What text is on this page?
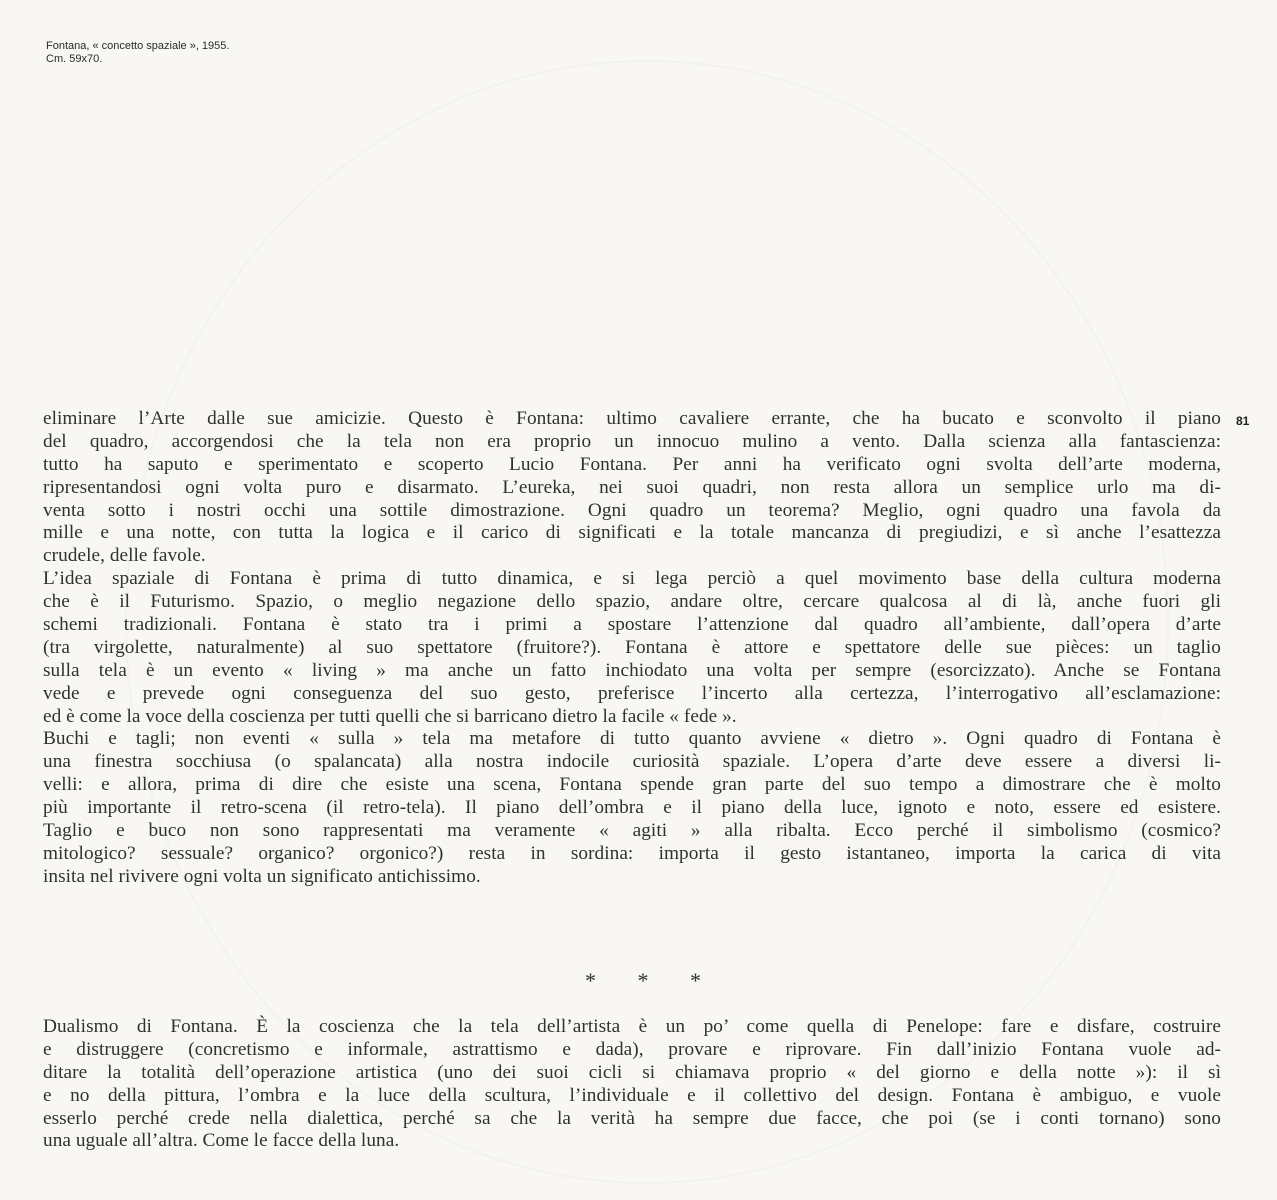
Fontana, « concetto spaziale », 1955.
Cm. 59x70.
81
eliminare l’Arte dalle sue amicizie. Questo è Fontana: ultimo cavaliere errante, che ha bucato e sconvolto il piano
del quadro, accorgendosi che la tela non era proprio un innocuo mulino a vento. Dalla scienza alla fantascienza:
tutto ha saputo e sperimentato e scoperto Lucio Fontana. Per anni ha verificato ogni svolta dell’arte moderna,
ripresentandosi ogni volta puro e disarmato. L’eureka, nei suoi quadri, non resta allora un semplice urlo ma di-
venta sotto i nostri occhi una sottile dimostrazione. Ogni quadro un teorema? Meglio, ogni quadro una favola da
mille e una notte, con tutta la logica e il carico di significati e la totale mancanza di pregiudizi, e sì anche l’esattezza
crudele, delle favole.
L’idea spaziale di Fontana è prima di tutto dinamica, e si lega perciò a quel movimento base della cultura moderna
che è il Futurismo. Spazio, o meglio negazione dello spazio, andare oltre, cercare qualcosa al di là, anche fuori gli
schemi tradizionali. Fontana è stato tra i primi a spostare l’attenzione dal quadro all’ambiente, dall’opera d’arte
(tra virgolette, naturalmente) al suo spettatore (fruitore?). Fontana è attore e spettatore delle sue pièces: un taglio
sulla tela è un evento « living » ma anche un fatto inchiodato una volta per sempre (esorcizzato). Anche se Fontana
vede e prevede ogni conseguenza del suo gesto, preferisce l’incerto alla certezza, l’interrogativo all’esclamazione:
ed è come la voce della coscienza per tutti quelli che si barricano dietro la facile « fede ».
Buchi e tagli; non eventi « sulla » tela ma metafore di tutto quanto avviene « dietro ». Ogni quadro di Fontana è
una finestra socchiusa (o spalancata) alla nostra indocile curiosità spaziale. L’opera d’arte deve essere a diversi li-
velli: e allora, prima di dire che esiste una scena, Fontana spende gran parte del suo tempo a dimostrare che è molto
più importante il retro-scena (il retro-tela). Il piano dell’ombra e il piano della luce, ignoto e noto, essere ed esistere.
Taglio e buco non sono rappresentati ma veramente « agiti » alla ribalta. Ecco perché il simbolismo (cosmico?
mitologico? sessuale? organico? orgonico?) resta in sordina: importa il gesto istantaneo, importa la carica di vita
insita nel rivivere ogni volta un significato antichissimo.
* * *
Dualismo di Fontana. È la coscienza che la tela dell’artista è un po’ come quella di Penelope: fare e disfare, costruire
e distruggere (concretismo e informale, astrattismo e dada), provare e riprovare. Fin dall’inizio Fontana vuole ad-
ditare la totalità dell’operazione artistica (uno dei suoi cicli si chiamava proprio « del giorno e della notte »): il sì
e no della pittura, l’ombra e la luce della scultura, l’individuale e il collettivo del design. Fontana è ambiguo, e vuole
esserlo perché crede nella dialettica, perché sa che la verità ha sempre due facce, che poi (se i conti tornano) sono
una uguale all’altra. Come le facce della luna.
